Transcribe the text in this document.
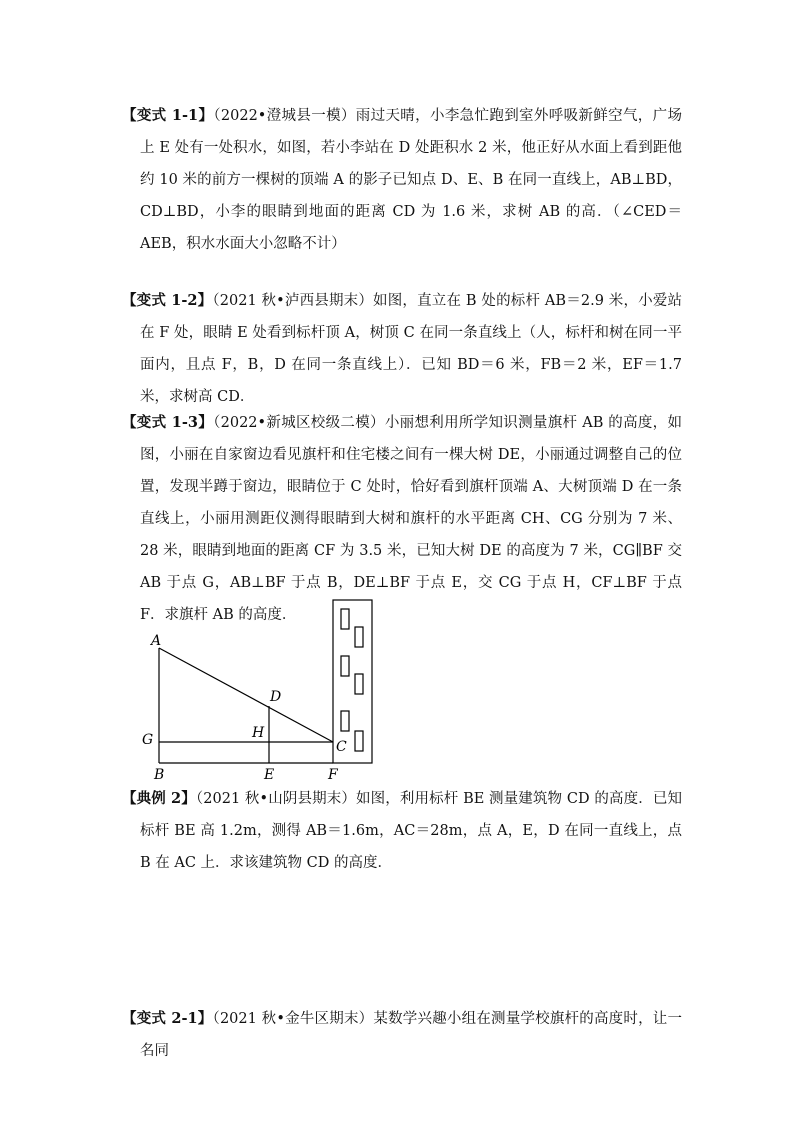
【变式 1-1】（2022•澄城县一模）雨过天晴，小李急忙跑到室外呼吸新鲜空气，广场上 E 处有一处积水，如图，若小李站在 D 处距积水 2 米，他正好从水面上看到距他约 10 米的前方一棵树的顶端 A 的影子已知点 D、E、B 在同一直线上，AB⊥BD，CD⊥BD，小李的眼睛到地面的距离 CD 为 1.6 米，求树 AB 的高．（∠CED＝AEB，积水水面大小忽略不计）
【变式 1-2】（2021 秋•泸西县期末）如图，直立在 B 处的标杆 AB＝2.9 米，小爱站在 F 处，眼睛 E 处看到标杆顶 A，树顶 C 在同一条直线上（人，标杆和树在同一平面内，且点 F，B，D 在同一条直线上）．已知 BD＝6 米，FB＝2 米，EF＝1.7 米，求树高 CD．
【变式 1-3】（2022•新城区校级二模）小丽想利用所学知识测量旗杆 AB 的高度，如图，小丽在自家窗边看见旗杆和住宅楼之间有一棵大树 DE，小丽通过调整自己的位置，发现半蹲于窗边，眼睛位于 C 处时，恰好看到旗杆顶端 A、大树顶端 D 在一条直线上，小丽用测距仪测得眼睛到大树和旗杆的水平距离 CH、CG 分别为 7 米、28 米，眼睛到地面的距离 CF 为 3.5 米，已知大树 DE 的高度为 7 米，CG∥BF 交 AB 于点 G，AB⊥BF 于点 B，DE⊥BF 于点 E，交 CG 于点 H，CF⊥BF 于点 F．求旗杆 AB 的高度．
A
D
G	H
C
B	E	F
【典例 2】（2021 秋•山阴县期末）如图，利用标杆 BE 测量建筑物 CD 的高度．已知标杆 BE 高 1.2m，测得 AB＝1.6m，AC＝28m，点 A，E，D 在同一直线上，点 B 在 AC 上．求该建筑物 CD 的高度．
【变式 2-1】（2021 秋•金牛区期末）某数学兴趣小组在测量学校旗杆的高度时，让一名同
